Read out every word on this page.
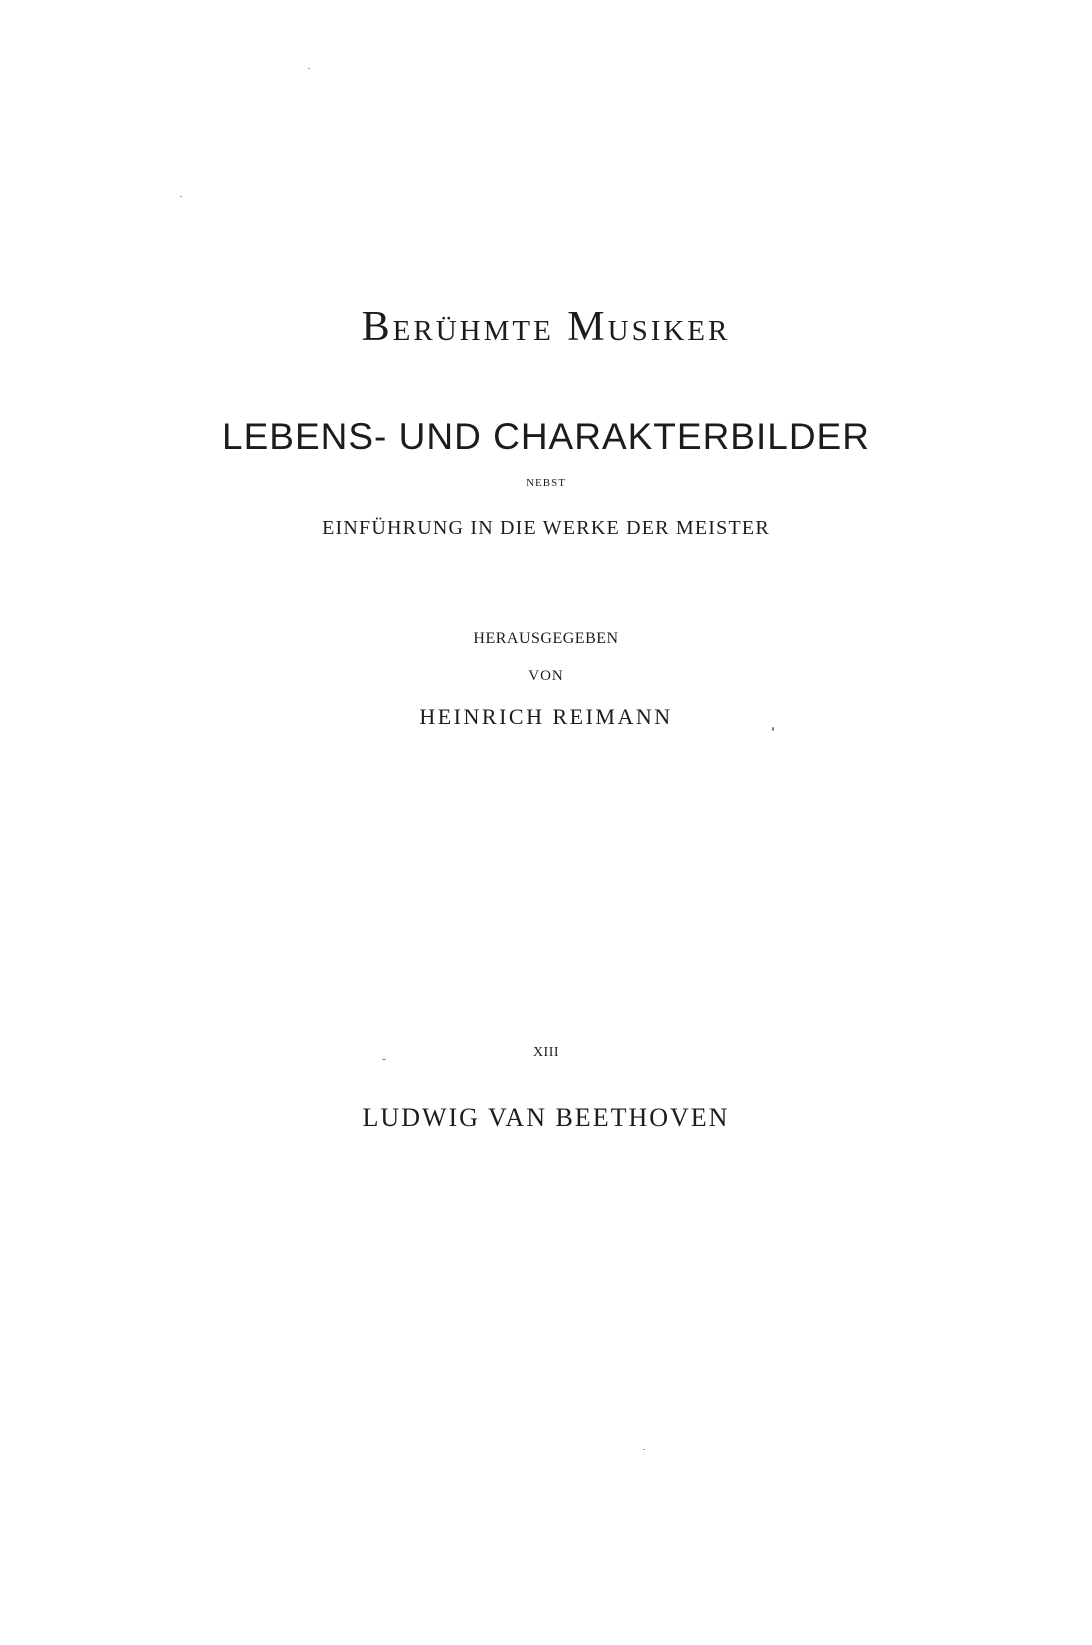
Berühmte Musiker
LEBENS- UND CHARAKTERBILDER
NEBST
EINFÜHRUNG IN DIE WERKE DER MEISTER
HERAUSGEGEBEN
VON
HEINRICH REIMANN
XIII
LUDWIG VAN BEETHOVEN
